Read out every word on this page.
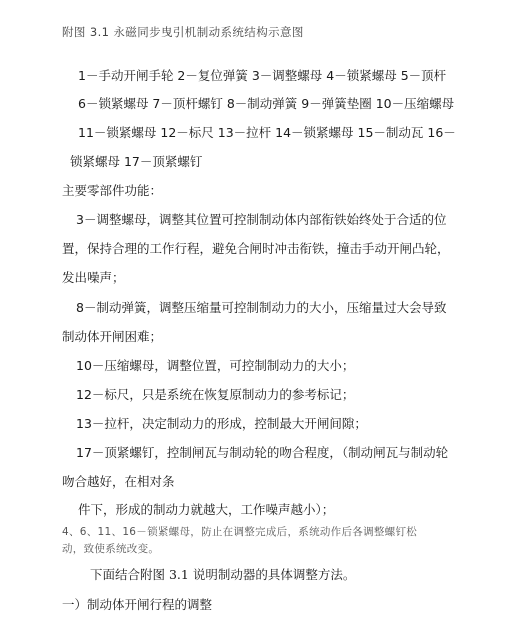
附图 3.1 永磁同步曳引机制动系统结构示意图
1－手动开闸手轮 2－复位弹簧 3－调整螺母 4－锁紧螺母 5－顶杆
6－锁紧螺母 7－顶杆螺钉 8－制动弹簧 9－弹簧垫圈 10－压缩螺母
11－锁紧螺母 12－标尺 13－拉杆 14－锁紧螺母 15－制动瓦 16－
锁紧螺母 17－顶紧螺钉
主要零部件功能：
3－调整螺母，调整其位置可控制制动体内部衔铁始终处于合适的位
置，保持合理的工作行程，避免合闸时冲击衔铁，撞击手动开闸凸轮，
发出噪声；
8－制动弹簧，调整压缩量可控制制动力的大小，压缩量过大会导致
制动体开闸困难；
10－压缩螺母，调整位置，可控制制动力的大小；
12－标尺，只是系统在恢复原制动力的参考标记；
13－拉杆，决定制动力的形成，控制最大开闸间隙；
17－顶紧螺钉，控制闸瓦与制动轮的吻合程度，（制动闸瓦与制动轮
吻合越好，在相对条
件下，形成的制动力就越大，工作噪声越小）；
4、6、11、16－锁紧螺母，防止在调整完成后，系统动作后各调整螺钉松
动，致使系统改变。
下面结合附图 3.1 说明制动器的具体调整方法。
一）制动体开闸行程的调整
